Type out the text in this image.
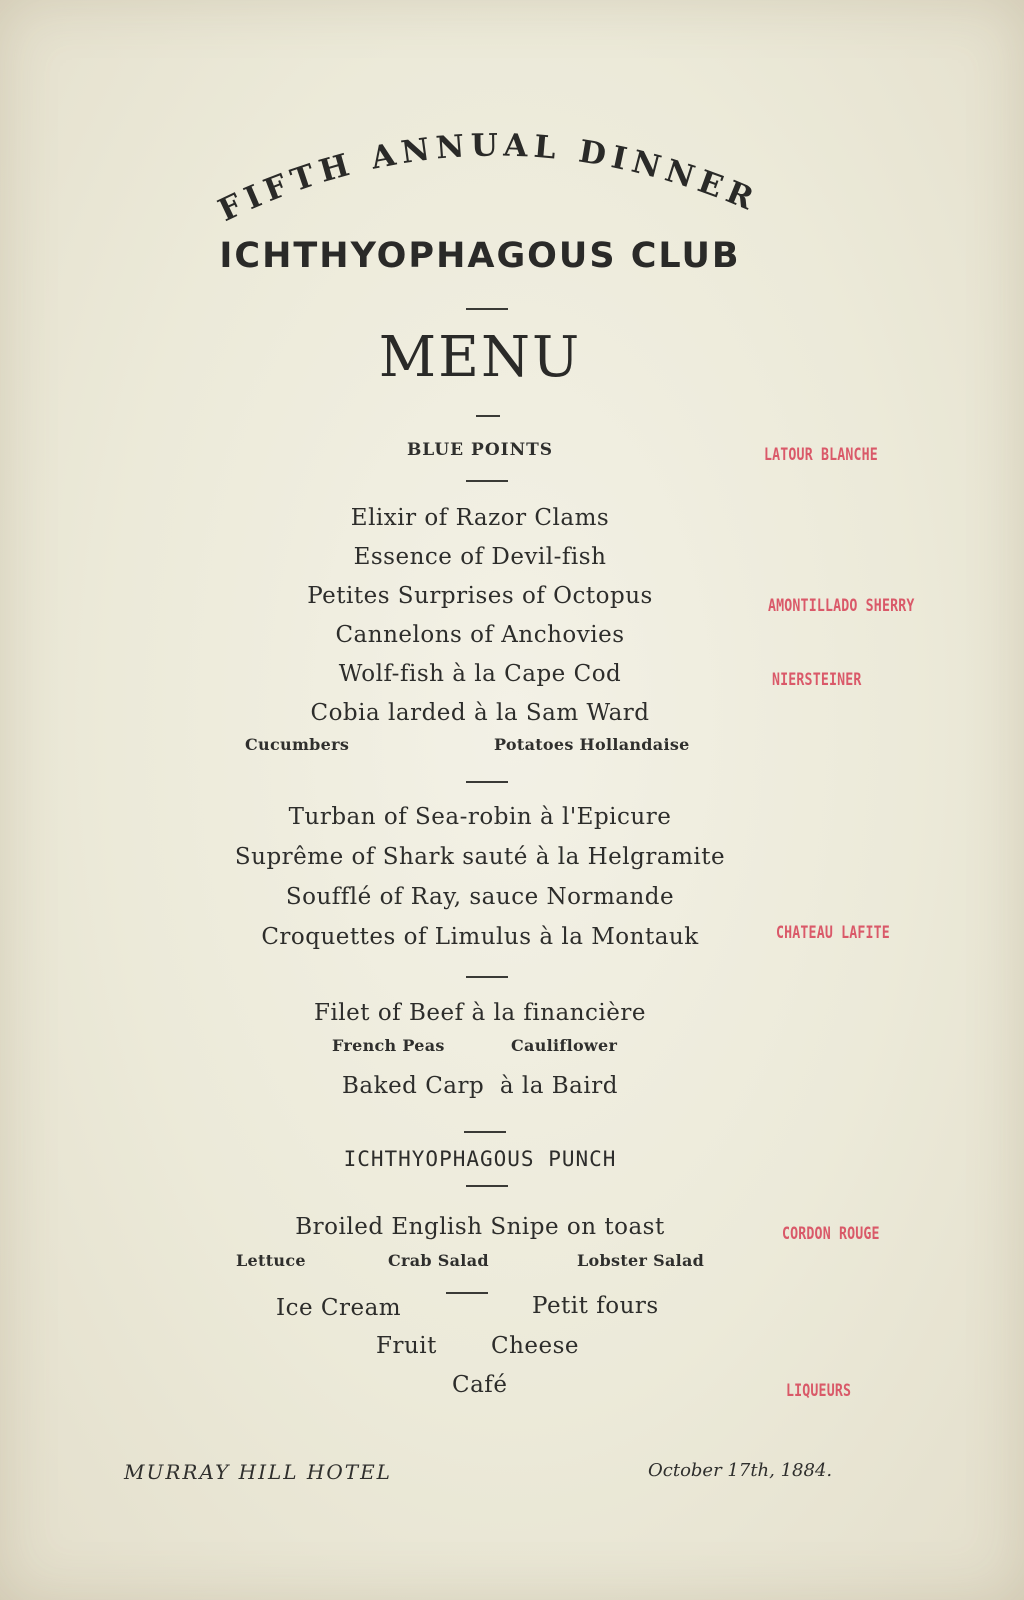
FIFTH ANNUAL DINNER
ICHTHYOPHAGOUS CLUB
MENU
BLUE POINTS
Elixir of Razor Clams
Essence of Devil-fish
Petites Surprises of Octopus
Cannelons of Anchovies
Wolf-fish à la Cape Cod
Cobia larded à la Sam Ward
Cucumbers	Potatoes Hollandaise
Turban of Sea-robin à l'Epicure
Suprême of Shark sauté à la Helgramite
Soufflé of Ray, sauce Normande
Croquettes of Limulus à la Montauk
Filet of Beef à la financière
French Peas	Cauliflower
Baked Carp  à la Baird
ICHTHYOPHAGOUS PUNCH
Broiled English Snipe on toast
Lettuce	Crab Salad	Lobster Salad
Ice Cream	Petit fours
Fruit Cheese
Café
LATOUR BLANCHE
AMONTILLADO SHERRY
NIERSTEINER
CHATEAU LAFITE
CORDON ROUGE
LIQUEURS
MURRAY HILL HOTEL	October 17th, 1884.
